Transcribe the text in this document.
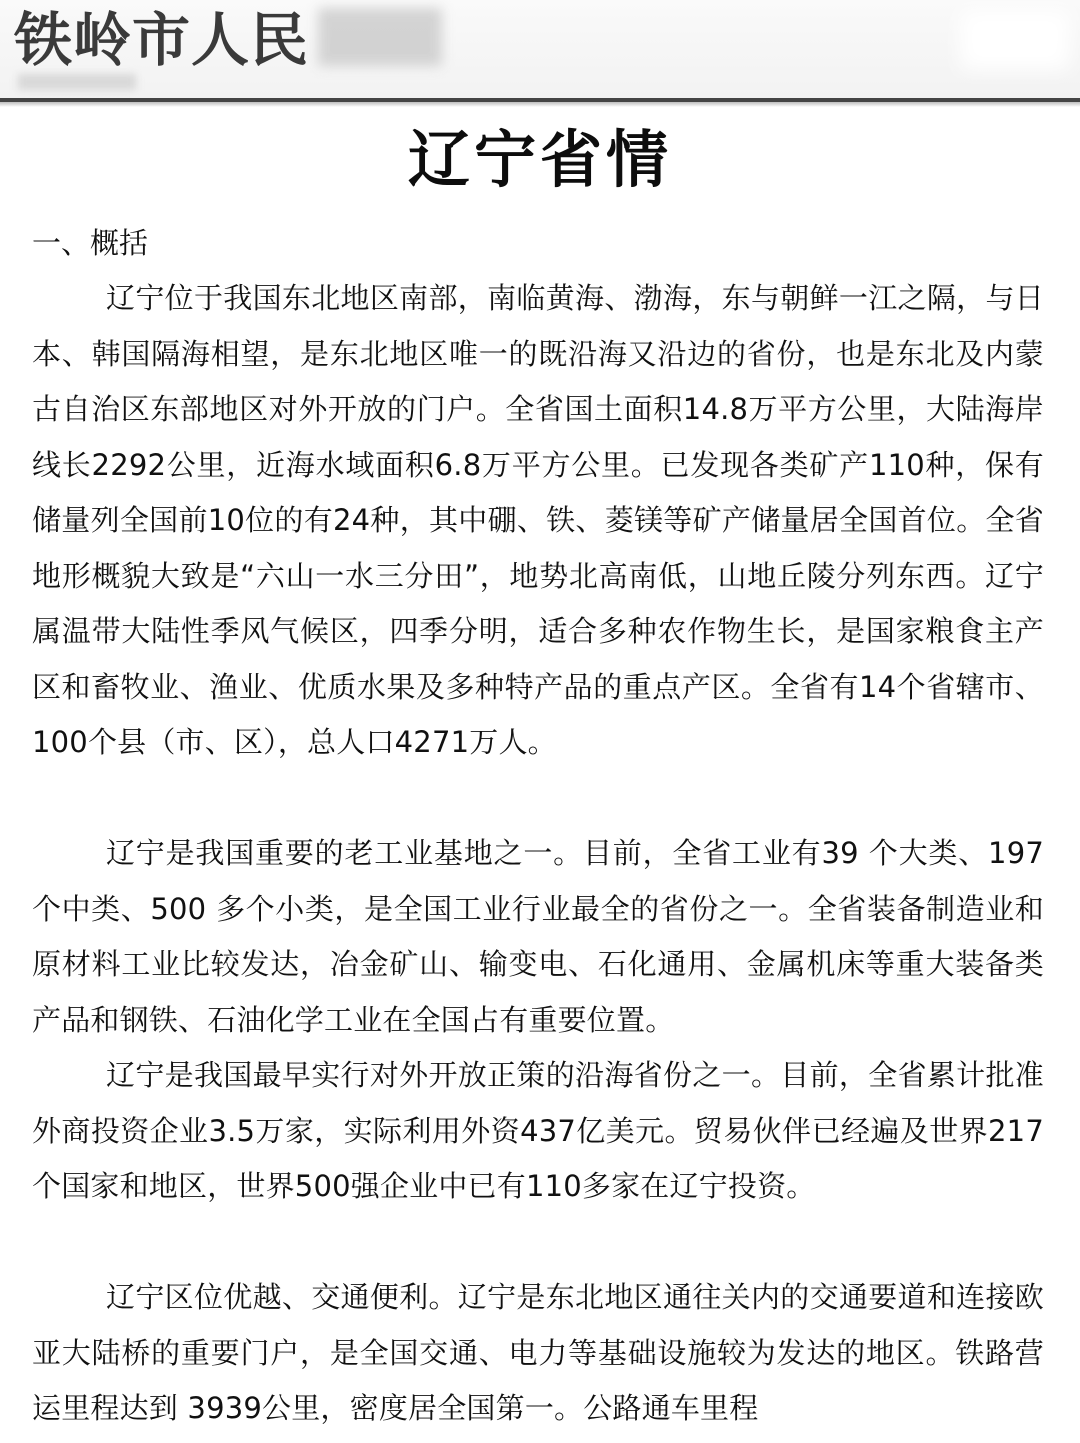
铁岭市人民
辽宁省情
一、概括

辽宁位于我国东北地区南部，南临黄海、渤海，东与朝鲜一江之隔，与日本、韩国隔海相望，是东北地区唯一的既沿海又沿边的省份，也是东北及内蒙古自治区东部地区对外开放的门户。全省国土面积14.8万平方公里，大陆海岸线长2292公里，近海水域面积6.8万平方公里。已发现各类矿产110种，保有储量列全国前10位的有24种，其中硼、铁、菱镁等矿产储量居全国首位。全省地形概貌大致是“六山一水三分田”，地势北高南低，山地丘陵分列东西。辽宁属温带大陆性季风气候区，四季分明，适合多种农作物生长，是国家粮食主产区和畜牧业、渔业、优质水果及多种特产品的重点产区。全省有14个省辖市、100个县（市、区），总人口4271万人。

辽宁是我国重要的老工业基地之一。目前，全省工业有39 个大类、197个中类、500 多个小类，是全国工业行业最全的省份之一。全省装备制造业和原材料工业比较发达，冶金矿山、输变电、石化通用、金属机床等重大装备类产品和钢铁、石油化学工业在全国占有重要位置。

辽宁是我国最早实行对外开放正策的沿海省份之一。目前，全省累计批准外商投资企业3.5万家，实际利用外资437亿美元。贸易伙伴已经遍及世界217个国家和地区，世界500强企业中已有110多家在辽宁投资。

辽宁区位优越、交通便利。辽宁是东北地区通往关内的交通要道和连接欧亚大陆桥的重要门户，是全国交通、电力等基础设施较为发达的地区。铁路营运里程达到 3939公里，密度居全国第一。公路通车里程
